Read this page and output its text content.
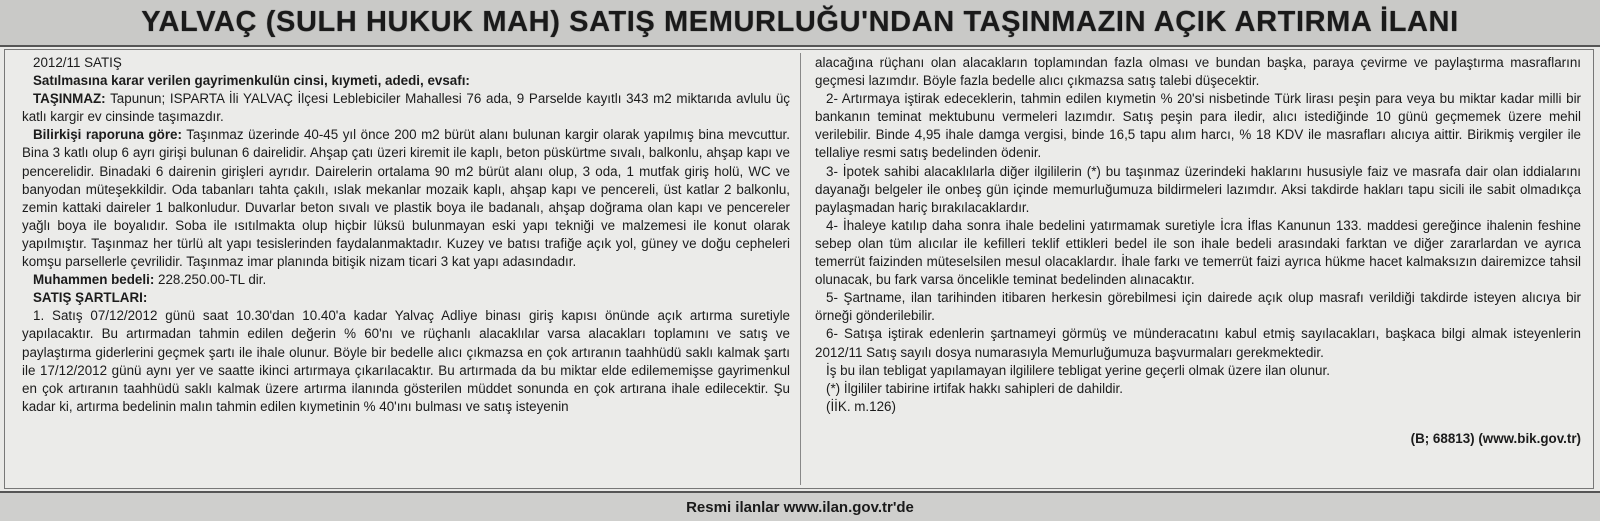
YALVAÇ (SULH HUKUK MAH) SATIŞ MEMURLUĞU'NDAN TAŞINMAZIN AÇIK ARTIRMA İLANI

2012/11 SATIŞ

Satılmasına karar verilen gayrimenkulün cinsi, kıymeti, adedi, evsafı:

TAŞINMAZ: Tapunun; ISPARTA İli YALVAÇ İlçesi Leblebiciler Mahallesi 76 ada, 9 Parselde kayıtlı 343 m2 miktarıda avlulu üç katlı kargir ev cinsinde taşımazdır.

Bilirkişi raporuna göre: Taşınmaz üzerinde 40-45 yıl önce 200 m2 bürüt alanı bulunan kargir olarak yapılmış bina mevcuttur. Bina 3 katlı olup 6 ayrı girişi bulunan 6 dairelidir. Ahşap çatı üzeri kiremit ile kaplı, beton püskürtme sıvalı, balkonlu, ahşap kapı ve pencerelidir. Binadaki 6 dairenin girişleri ayrıdır. Dairelerin ortalama 90 m2 bürüt alanı olup, 3 oda, 1 mutfak giriş holü, WC ve banyodan müteşekkildir. Oda tabanları tahta çakılı, ıslak mekanlar mozaik kaplı, ahşap kapı ve pencereli, üst katlar 2 balkonlu, zemin kattaki daireler 1 balkonludur. Duvarlar beton sıvalı ve plastik boya ile badanalı, ahşap doğrama olan kapı ve pencereler yağlı boya ile boyalıdır. Soba ile ısıtılmakta olup hiçbir lüksü bulunmayan eski yapı tekniği ve malzemesi ile konut olarak yapılmıştır. Taşınmaz her türlü alt yapı tesislerinden faydalanmaktadır. Kuzey ve batısı trafiğe açık yol, güney ve doğu cepheleri komşu parsellerle çevrilidir. Taşınmaz imar planında bitişik nizam ticari 3 kat yapı adasındadır.

Muhammen bedeli: 228.250.00-TL dir.

SATIŞ ŞARTLARI:

1. Satış 07/12/2012 günü saat 10.30'dan 10.40'a kadar Yalvaç Adliye binası giriş kapısı önünde açık artırma suretiyle yapılacaktır. Bu artırmadan tahmin edilen değerin % 60'nı ve rüçhanlı alacaklılar varsa alacakları toplamını ve satış ve paylaştırma giderlerini geçmek şartı ile ihale olunur. Böyle bir bedelle alıcı çıkmazsa en çok artıranın taahhüdü saklı kalmak şartı ile 17/12/2012 günü aynı yer ve saatte ikinci artırmaya çıkarılacaktır. Bu artırmada da bu miktar elde edilememişse gayrimenkul en çok artıranın taahhüdü saklı kalmak üzere artırma ilanında gösterilen müddet sonunda en çok artırana ihale edilecektir. Şu kadar ki, artırma bedelinin malın tahmin edilen kıymetinin % 40'ını bulması ve satış isteyenin

alacağına rüçhanı olan alacakların toplamından fazla olması ve bundan başka, paraya çevirme ve paylaştırma masraflarını geçmesi lazımdır. Böyle fazla bedelle alıcı çıkmazsa satış talebi düşecektir.

2- Artırmaya iştirak edeceklerin, tahmin edilen kıymetin % 20'si nisbetinde Türk lirası peşin para veya bu miktar kadar milli bir bankanın teminat mektubunu vermeleri lazımdır. Satış peşin para iledir, alıcı istediğinde 10 günü geçmemek üzere mehil verilebilir. Binde 4,95 ihale damga vergisi, binde 16,5 tapu alım harcı, % 18 KDV ile masrafları alıcıya aittir. Birikmiş vergiler ile tellaliye resmi satış bedelinden ödenir.

3- İpotek sahibi alacaklılarla diğer ilgililerin (*) bu taşınmaz üzerindeki haklarını hususiyle faiz ve masrafa dair olan iddialarını dayanağı belgeler ile onbeş gün içinde memurluğumuza bildirmeleri lazımdır. Aksi takdirde hakları tapu sicili ile sabit olmadıkça paylaşmadan hariç bırakılacaklardır.

4- İhaleye katılıp daha sonra ihale bedelini yatırmamak suretiyle İcra İflas Kanunun 133. maddesi gereğince ihalenin feshine sebep olan tüm alıcılar ile kefilleri teklif ettikleri bedel ile son ihale bedeli arasındaki farktan ve diğer zararlardan ve ayrıca temerrüt faizinden müteselsilen mesul olacaklardır. İhale farkı ve temerrüt faizi ayrıca hükme hacet kalmaksızın dairemizce tahsil olunacak, bu fark varsa öncelikle teminat bedelinden alınacaktır.

5- Şartname, ilan tarihinden itibaren herkesin görebilmesi için dairede açık olup masrafı verildiği takdirde isteyen alıcıya bir örneği gönderilebilir.

6- Satışa iştirak edenlerin şartnameyi görmüş ve münderacatını kabul etmiş sayılacakları, başkaca bilgi almak isteyenlerin 2012/11 Satış sayılı dosya numarasıyla Memurluğumuza başvurmaları gerekmektedir.

İş bu ilan tebligat yapılamayan ilgililere tebligat yerine geçerli olmak üzere ilan olunur.

(*) İlgililer tabirine irtifak hakkı sahipleri de dahildir.

(İİK. m.126)

(B; 68813) (www.bik.gov.tr)

Resmi ilanlar www.ilan.gov.tr'de
